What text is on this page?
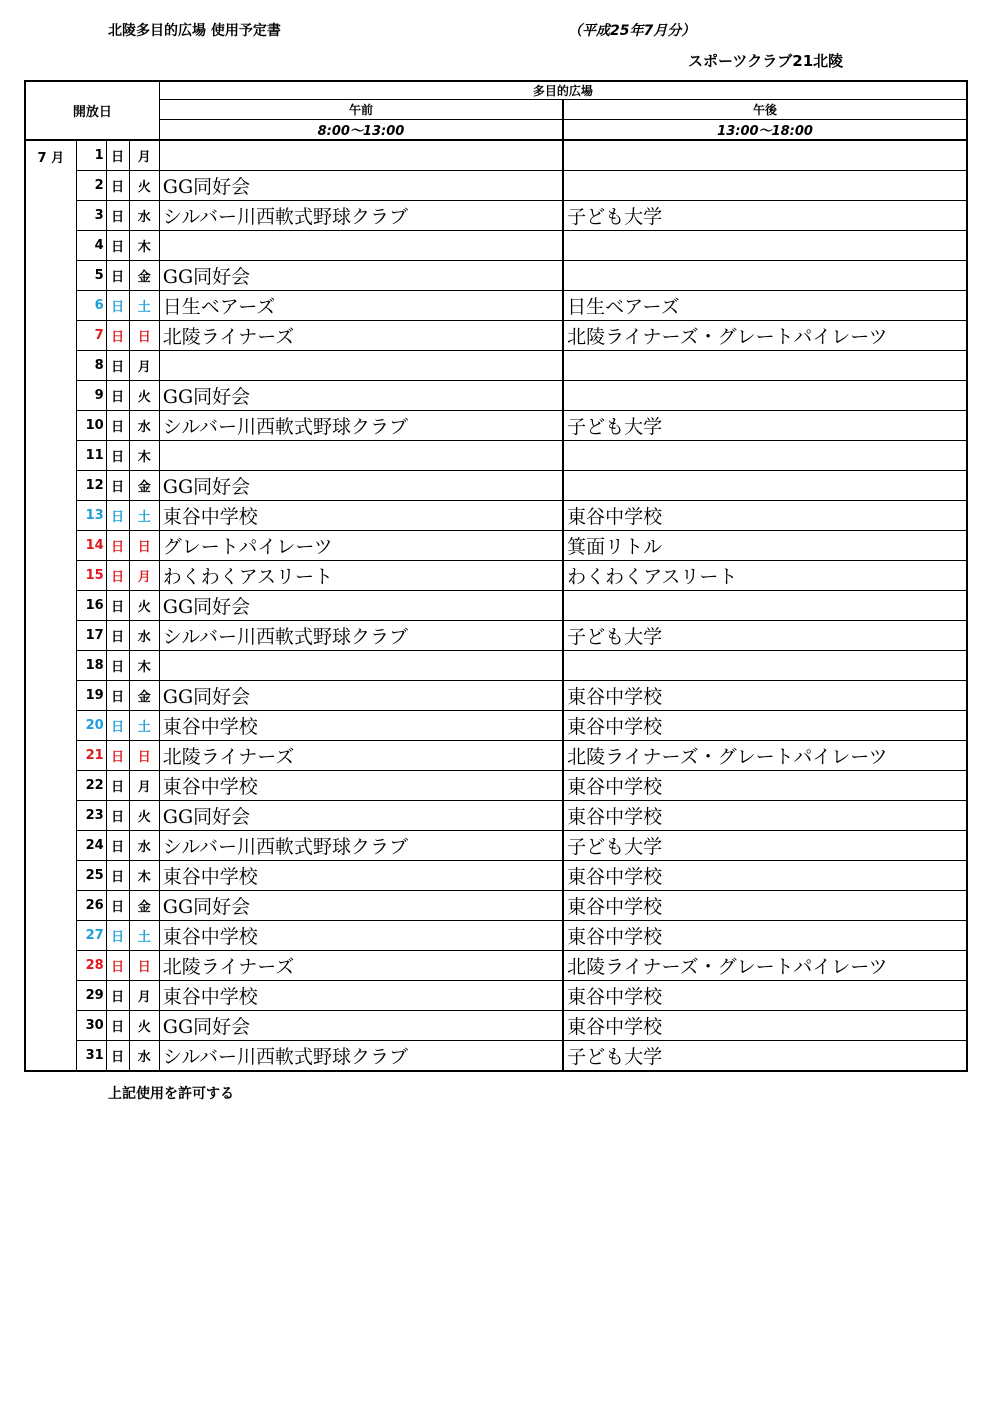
北陵多目的広場 使用予定書	（平成25年7月分）
スポーツクラブ21北陵
開放日				多目的広場	
				午前	午後
				8:00～13:00	13:00～18:00
7 月	1	日	月		
	2	日	火	GG同好会	
	3	日	水	シルバー川西軟式野球クラブ	子ども大学
	4	日	木		
	5	日	金	GG同好会	
	6	日	土	日生ベアーズ	日生ベアーズ
	7	日	日	北陵ライナーズ	北陵ライナーズ・グレートパイレーツ
	8	日	月		
	9	日	火	GG同好会	
	10	日	水	シルバー川西軟式野球クラブ	子ども大学
	11	日	木		
	12	日	金	GG同好会	
	13	日	土	東谷中学校	東谷中学校
	14	日	日	グレートパイレーツ	箕面リトル
	15	日	月	わくわくアスリート	わくわくアスリート
	16	日	火	GG同好会	
	17	日	水	シルバー川西軟式野球クラブ	子ども大学
	18	日	木		
	19	日	金	GG同好会	東谷中学校
	20	日	土	東谷中学校	東谷中学校
	21	日	日	北陵ライナーズ	北陵ライナーズ・グレートパイレーツ
	22	日	月	東谷中学校	東谷中学校
	23	日	火	GG同好会	東谷中学校
	24	日	水	シルバー川西軟式野球クラブ	子ども大学
	25	日	木	東谷中学校	東谷中学校
	26	日	金	GG同好会	東谷中学校
	27	日	土	東谷中学校	東谷中学校
	28	日	日	北陵ライナーズ	北陵ライナーズ・グレートパイレーツ
	29	日	月	東谷中学校	東谷中学校
	30	日	火	GG同好会	東谷中学校
	31	日	水	シルバー川西軟式野球クラブ	子ども大学
上記使用を許可する
